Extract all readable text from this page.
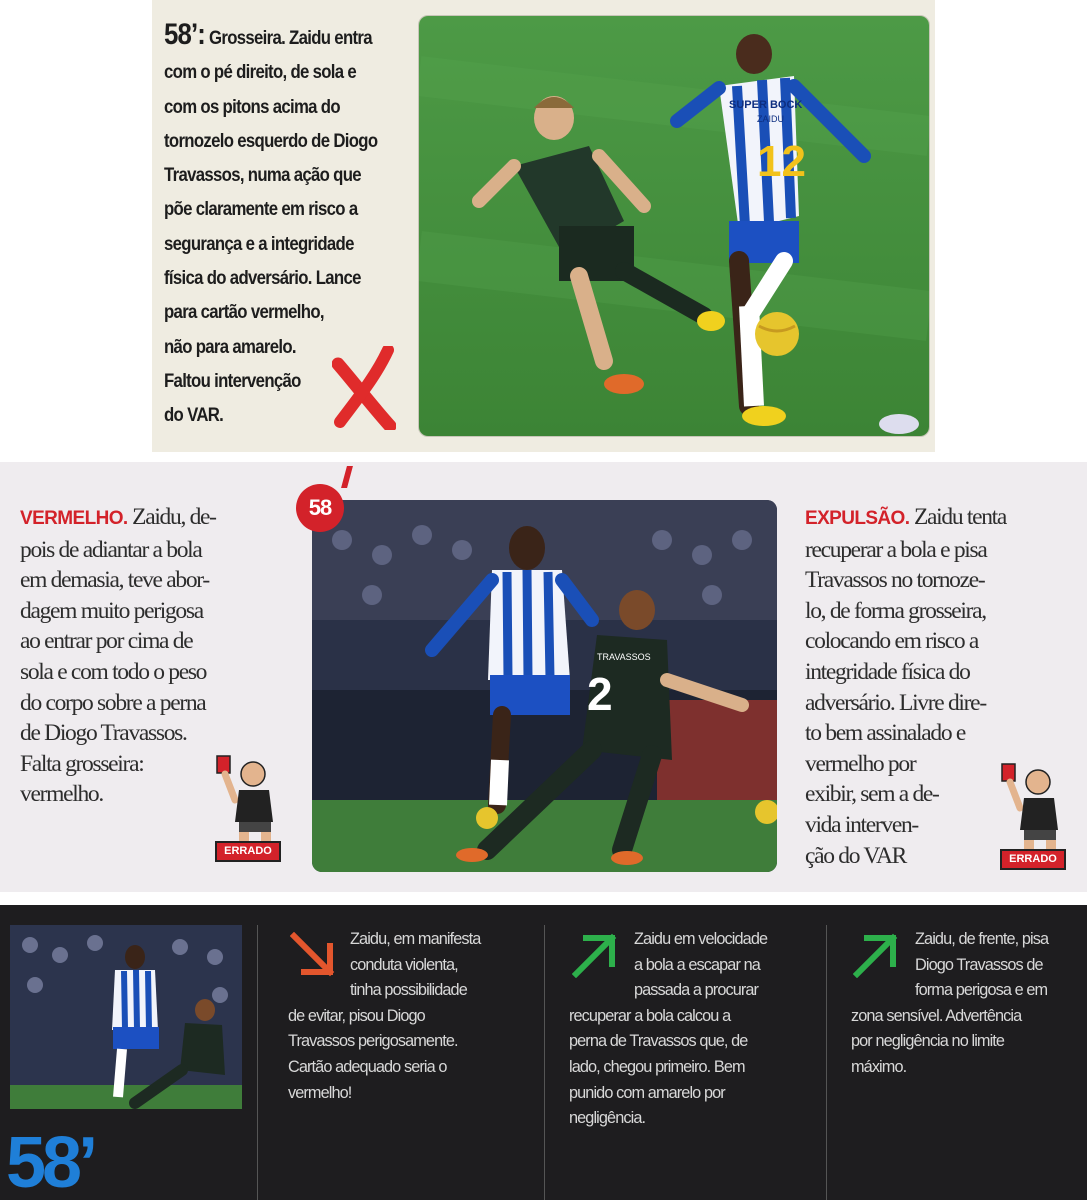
58’: Grosseira. Zaidu entra
com o pé direito, de sola e
com os pitons acima do
tornozelo esquerdo de Diogo
Travassos, numa ação que
põe claramente em risco a
segurança e a integridade
física do adversário. Lance
para cartão vermelho,
não para amarelo.
Faltou intervenção
do VAR.
SUPER BOCK
ZAIDU
12
VERMELHO. Zaidu, de-
pois de adiantar a bola
em demasia, teve abor-
dagem muito perigosa
ao entrar por cima de
sola e com todo o peso
do corpo sobre a perna
de Diogo Travassos.
Falta grosseira:
vermelho.
ERRADO
2
TRAVASSOS
58	EXPULSÃO. Zaidu tenta
recuperar a bola e pisa
Travassos no tornoze-
lo, de forma grosseira,
colocando em risco a
integridade física do
adversário. Livre dire-
to bem assinalado e
vermelho por
exibir, sem a de-
vida interven-
ção do VAR	ERRADO
58’
Zaidu, em manifesta
conduta violenta,
tinha possibilidade
de evitar, pisou Diogo
Travassos perigosamente.
Cartão adequado seria o
vermelho!
Zaidu em velocidade
a bola a escapar na
passada a procurar
recuperar a bola calcou a
perna de Travassos que, de
lado, chegou primeiro. Bem
punido com amarelo por
negligência.
Zaidu, de frente, pisa
Diogo Travassos de
forma perigosa e em
zona sensível. Advertência
por negligência no limite
máximo.
